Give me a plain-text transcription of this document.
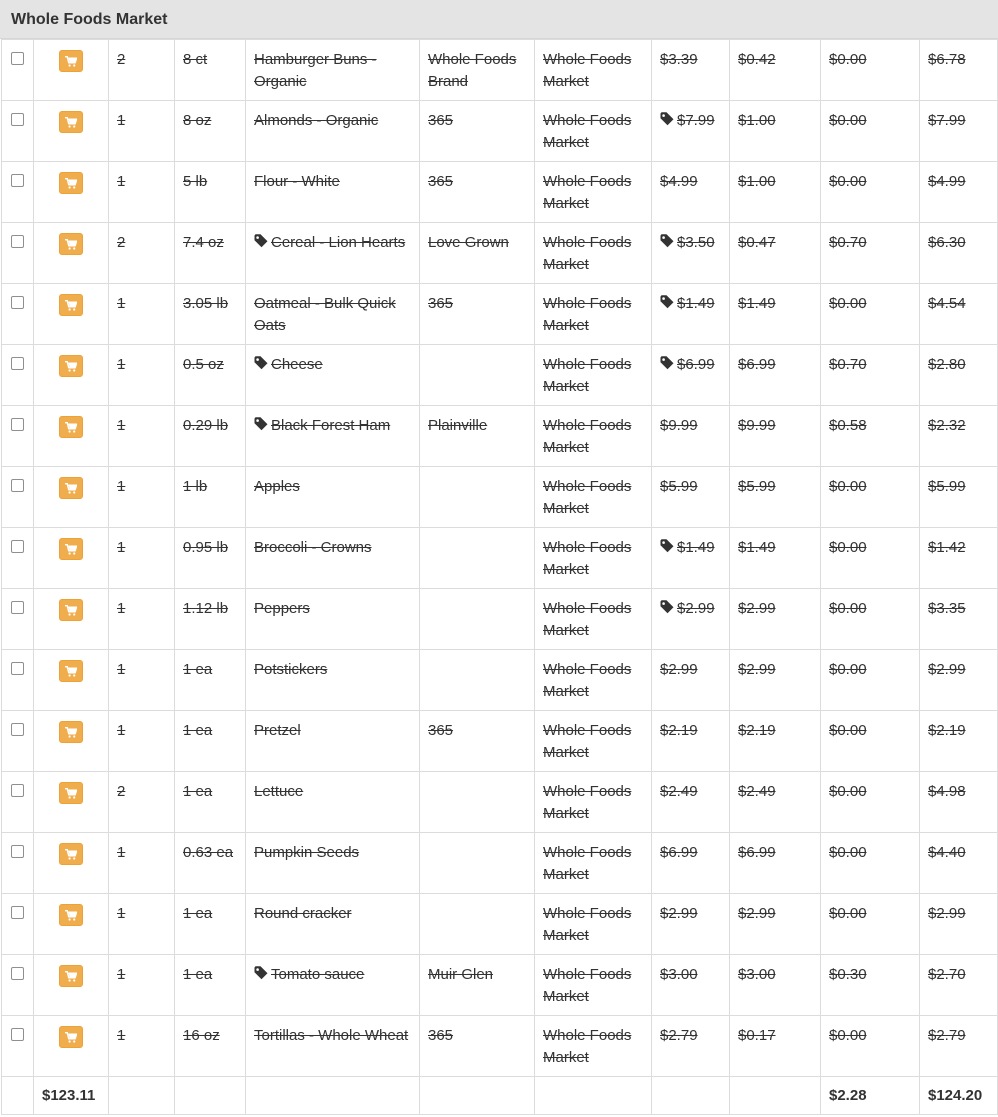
Whole Foods Market

	2	8 ct	Hamburger Buns - Organic	Whole Foods Brand	Whole Foods Market	$3.39	$0.42	$0.00	$6.78

	1	8 oz	Almonds - Organic	365	Whole Foods Market	$7.99	$1.00	$0.00	$7.99

	1	5 lb	Flour - White	365	Whole Foods Market	$4.99	$1.00	$0.00	$4.99

	2	7.4 oz	Cereal - Lion Hearts	Love Grown	Whole Foods Market	$3.50	$0.47	$0.70	$6.30

	1	3.05 lb	Oatmeal - Bulk Quick Oats	365	Whole Foods Market	$1.49	$1.49	$0.00	$4.54

	1	0.5 oz	Cheese		Whole Foods Market	$6.99	$6.99	$0.70	$2.80

	1	0.29 lb	Black Forest Ham	Plainville	Whole Foods Market	$9.99	$9.99	$0.58	$2.32

	1	1 lb	Apples		Whole Foods Market	$5.99	$5.99	$0.00	$5.99

	1	0.95 lb	Broccoli - Crowns		Whole Foods Market	$1.49	$1.49	$0.00	$1.42

	1	1.12 lb	Peppers		Whole Foods Market	$2.99	$2.99	$0.00	$3.35

	1	1 ea	Potstickers		Whole Foods Market	$2.99	$2.99	$0.00	$2.99

	1	1 ea	Pretzel	365	Whole Foods Market	$2.19	$2.19	$0.00	$2.19

	2	1 ea	Lettuce		Whole Foods Market	$2.49	$2.49	$0.00	$4.98

	1	0.63 ea	Pumpkin Seeds		Whole Foods Market	$6.99	$6.99	$0.00	$4.40

	1	1 ea	Round cracker		Whole Foods Market	$2.99	$2.99	$0.00	$2.99

	1	1 ea	Tomato sauce	Muir Glen	Whole Foods Market	$3.00	$3.00	$0.30	$2.70

	1	16 oz	Tortillas - Whole Wheat	365	Whole Foods Market	$2.79	$0.17	$0.00	$2.79
	$123.11								$2.28	$124.20
